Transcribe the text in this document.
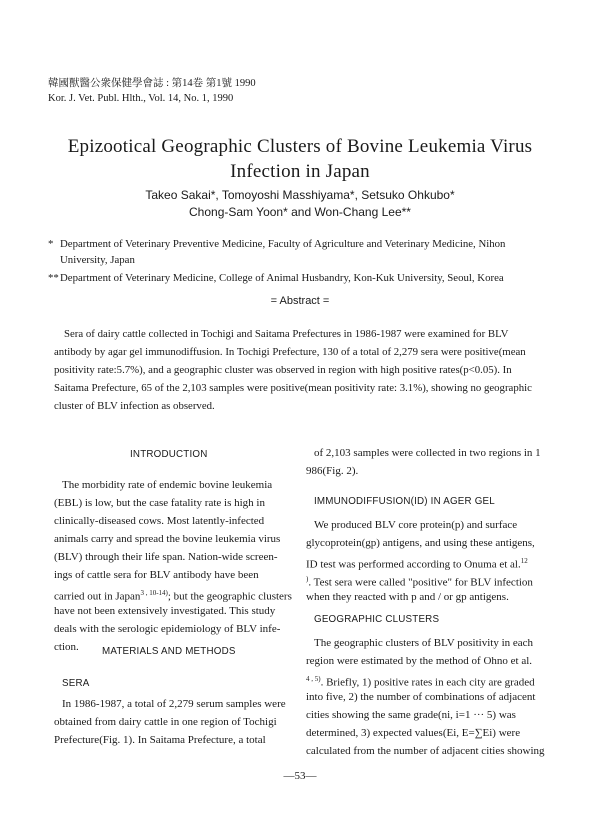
韓國獸醫公衆保健學會誌 : 第14卷 第1號 1990
Kor. J. Vet. Publ. Hlth., Vol. 14, No. 1, 1990
Epizootical Geographic Clusters of Bovine Leukemia Virus
Infection in Japan
Takeo Sakai*, Tomoyoshi Masshiyama*, Setsuko Ohkubo*
Chong-Sam Yoon* and Won-Chang Lee**
* Department of Veterinary Preventive Medicine, Faculty of Agriculture and Veterinary Medicine, Nihon
University, Japan
**Department of Veterinary Medicine, College of Animal Husbandry, Kon-Kuk University, Seoul, Korea
= Abstract =
Sera of dairy cattle collected in Tochigi and Saitama Prefectures in 1986-1987 were examined for BLV
antibody by agar gel immunodiffusion. In Tochigi Prefecture, 130 of a total of 2,279 sera were positive(mean
positivity rate:5.7%), and a geographic cluster was observed in region with high positive rates(p<0.05). In
Saitama Prefecture, 65 of the 2,103 samples were positive(mean positivity rate: 3.1%), showing no geographic
cluster of BLV infection as observed.
INTRODUCTION
The morbidity rate of endemic bovine leukemia
(EBL) is low, but the case fatality rate is high in
clinically-diseased cows. Most latently-infected
animals carry and spread the bovine leukemia virus
(BLV) through their life span. Nation-wide screen-
ings of cattle sera for BLV antibody have been
carried out in Japan$^{3 , 10-14)}$; but the geographic clusters
have not been extensively investigated. This study
deals with the serologic epidemiology of BLV infe-
ction. MATERIALS AND METHODS
SERA
In 1986-1987, a total of 2,279 serum samples were
obtained from dairy cattle in one region of Tochigi
Prefecture(Fig. 1). In Saitama Prefecture, a total
of 2,103 samples were collected in two regions in 1
986(Fig. 2).
IMMUNODIFFUSION(ID) IN AGER GEL
We produced BLV core protein(p) and surface
glycoprotein(gp) antigens, and using these antigens,
ID test was performed according to Onuma et al.$^{12}$
). Test sera were called "positive" for BLV infection
when they reacted with p and / or gp antigens.
GEOGRAPHIC CLUSTERS
The geographic clusters of BLV positivity in each
region were estimated by the method of Ohno et al.
$^{4 , 5)}$. Briefly, 1) positive rates in each city are graded
into five, 2) the number of combinations of adjacent
cities showing the same grade(ni, i=1 ··· 5) was
determined, 3) expected values(Ei, E=∑Ei) were
calculated from the number of adjacent cities showing
—53—
